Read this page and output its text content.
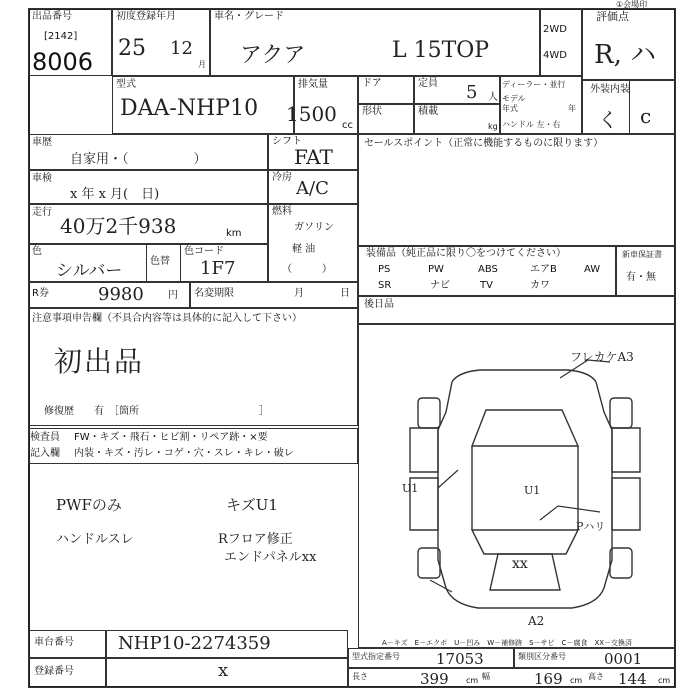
①会場印
出品番号
[2142]
8006
初度登録年月
25 12
月
車名・グレード
アクア	L 15TOP
2WD
4WD
評価点
R, ハ
型式
DAA-NHP10
排気量
1500 cc
ドア
形状
定員 5 人
積載
kg
ディーラー・並行
モデル年式	年
ハンドル 左・右
外装内装
く c
車歴
自家用・（　　　　　）
シフト
FAT
車検
x 年 x 月(　日)
冷房
A/C
走行
40万2千938	km
燃料
ガソリン
軽 油
（　　　）
色
シルバー	色替
色コード
1F7
R券	9980 円 名変期限	月	日
注意事項申告欄（不具合内容等は具体的に記入して下さい）
初出品
修復歴　　有　［箇所　　　　　　　　　　　　］
検査員
記入欄
FW・キズ・飛石・ヒビ割・リペア跡・×要
内装・キズ・汚レ・コゲ・穴・スレ・キレ・破レ
PWFのみ
ハンドルスレ
キズU1
Rフロア修正
エンドパネルxx
セールスポイント（正常に機能するものに限ります）
装備品（純正品に限り〇をつけてください）	新車保証書
有・無
PS	PW	ABS	エアB	AW
SR	ナビ	TV	カワ
後日品
フレカケA3
Pハリ
xx
A2
U1	U1
A－キズ　E－エクボ　U－凹み　W－補修跡　S－サビ　C－腐食　XX－交換済
車台番号 NHP10-2274359
登録番号	x
型式指定番号 17053	類別区分番号	0001
長さ	399 cm 幅	169 cm 高さ 144 cm
